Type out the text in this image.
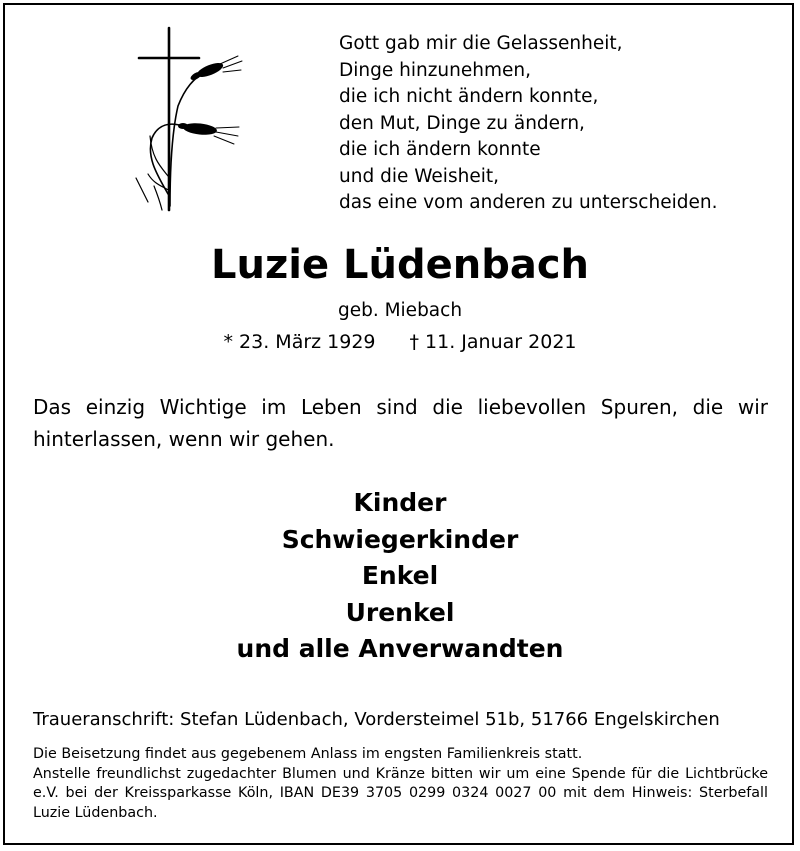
Gott gab mir die Gelassenheit,
Dinge hinzunehmen,
die ich nicht ändern konnte,
den Mut, Dinge zu ändern,
die ich ändern konnte
und die Weisheit,
das eine vom anderen zu unterscheiden.
Luzie Lüdenbach
geb. Miebach
* 23. März 1929 † 11. Januar 2021

Das einzig Wichtige im Leben sind die liebevollen Spuren, die wir hinterlassen, wenn wir gehen.

Kinder
Schwiegerkinder
Enkel
Urenkel
und alle Anverwandten
Traueranschrift: Stefan Lüdenbach, Vordersteimel 51b, 51766 Engelskirchen

Die Beisetzung findet aus gegebenem Anlass im engsten Familienkreis statt.

Anstelle freundlichst zugedachter Blumen und Kränze bitten wir um eine Spende für die Lichtbrücke e.V. bei der Kreissparkasse Köln, IBAN DE39 3705 0299 0324 0027 00 mit dem Hinweis: Sterbefall Luzie Lüdenbach.
